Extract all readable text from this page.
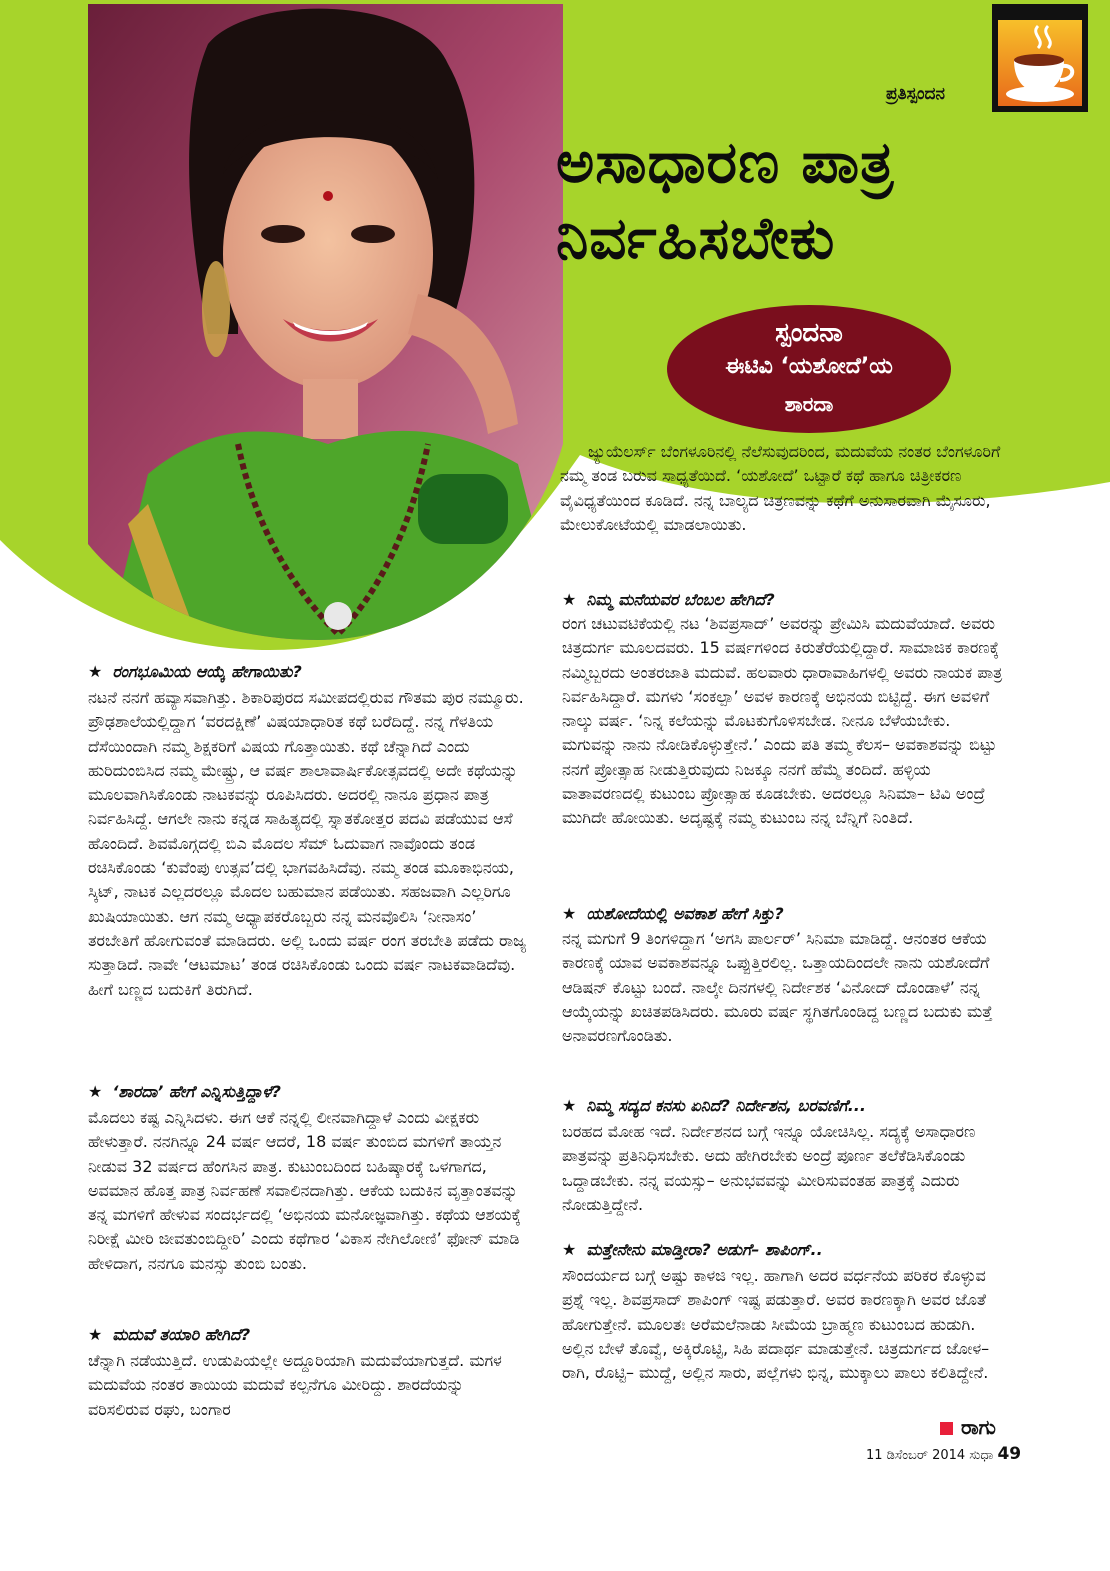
ಪ್ರತಿಸ್ಪಂದನ
ಅಸಾಧಾರಣ ಪಾತ್ರ
ನಿರ್ವಹಿಸಬೇಕು
ಸ್ಪಂದನಾ
ಈಟಿವಿ ‘ಯಶೋದೆ’ಯ
ಶಾರದಾ
ಜ್ಯುಯೆಲರ್ಸ್ ಬೆಂಗಳೂರಿನಲ್ಲಿ ನೆಲೆಸುವುದರಿಂದ, ಮದುವೆಯ ನಂತರ ಬೆಂಗಳೂರಿಗೆ ನಮ್ಮ ತಂಡ ಬರುವ ಸಾಧ್ಯತೆಯಿದೆ. ‘ಯಶೋದೆ’ ಒಟ್ಟಾರೆ ಕಥೆ ಹಾಗೂ ಚಿತ್ರೀಕರಣ ವೈವಿಧ್ಯತೆಯಿಂದ ಕೂಡಿದೆ. ನನ್ನ ಬಾಲ್ಯದ ಚಿತ್ರಣವನ್ನು ಕಥೆಗೆ ಅನುಸಾರವಾಗಿ ಮೈಸೂರು, ಮೇಲುಕೋಟೆಯಲ್ಲಿ ಮಾಡಲಾಯಿತು.
★ ರಂಗಭೂಮಿಯ ಆಯ್ಕೆ ಹೇಗಾಯಿತು?
ನಟನೆ ನನಗೆ ಹವ್ಯಾಸವಾಗಿತ್ತು. ಶಿಕಾರಿಪುರದ ಸಮೀಪದಲ್ಲಿರುವ ಗೌತಮ ಪುರ ನಮ್ಮೂರು. ಪ್ರೌಢಶಾಲೆಯಲ್ಲಿದ್ದಾಗ ‘ವರದಕ್ಷಿಣೆ’ ವಿಷಯಾಧಾರಿತ ಕಥೆ ಬರೆದಿದ್ದೆ. ನನ್ನ ಗೆಳತಿಯ ದೆಸೆಯಿಂದಾಗಿ ನಮ್ಮ ಶಿಕ್ಷಕರಿಗೆ ವಿಷಯ ಗೊತ್ತಾಯಿತು. ಕಥೆ ಚೆನ್ನಾಗಿದೆ ಎಂದು ಹುರಿದುಂಬಿಸಿದ ನಮ್ಮ ಮೇಷ್ಟ್ರು, ಆ ವರ್ಷ ಶಾಲಾವಾರ್ಷಿಕೋತ್ಸವದಲ್ಲಿ ಅದೇ ಕಥೆಯನ್ನು ಮೂಲವಾಗಿಸಿಕೊಂಡು ನಾಟಕವನ್ನು ರೂಪಿಸಿದರು. ಅದರಲ್ಲಿ ನಾನೂ ಪ್ರಧಾನ ಪಾತ್ರ ನಿರ್ವಹಿಸಿದ್ದೆ. ಆಗಲೇ ನಾನು ಕನ್ನಡ ಸಾಹಿತ್ಯದಲ್ಲಿ ಸ್ನಾತಕೋತ್ತರ ಪದವಿ ಪಡೆಯುವ ಆಸೆ ಹೊಂದಿದೆ. ಶಿವಮೊಗ್ಗದಲ್ಲಿ ಬಿಎ ಮೊದಲ ಸೆಮ್ ಓದುವಾಗ ನಾವೊಂದು ತಂಡ ರಚಿಸಿಕೊಂಡು ‘ಕುವೆಂಪು ಉತ್ಸವ’ದಲ್ಲಿ ಭಾಗವಹಿಸಿದೆವು. ನಮ್ಮ ತಂಡ ಮೂಕಾಭಿನಯ, ಸ್ಕಿಟ್, ನಾಟಕ ಎಲ್ಲದರಲ್ಲೂ ಮೊದಲ ಬಹುಮಾನ ಪಡೆಯಿತು. ಸಹಜವಾಗಿ ಎಲ್ಲರಿಗೂ ಖುಷಿಯಾಯಿತು. ಆಗ ನಮ್ಮ ಅಧ್ಯಾಪಕರೊಬ್ಬರು ನನ್ನ ಮನವೊಲಿಸಿ ‘ನೀನಾಸಂ’ ತರಬೇತಿಗೆ ಹೋಗುವಂತೆ ಮಾಡಿದರು. ಅಲ್ಲಿ ಒಂದು ವರ್ಷ ರಂಗ ತರಬೇತಿ ಪಡೆದು ರಾಜ್ಯ ಸುತ್ತಾಡಿದೆ. ನಾವೇ ‘ಆಟಮಾಟ’ ತಂಡ ರಚಿಸಿಕೊಂಡು ಒಂದು ವರ್ಷ ನಾಟಕವಾಡಿದೆವು. ಹೀಗೆ ಬಣ್ಣದ ಬದುಕಿಗೆ ತಿರುಗಿದೆ.
★ ‘ಶಾರದಾ’ ಹೇಗೆ ಎನ್ನಿಸುತ್ತಿದ್ದಾಳೆ?
ಮೊದಲು ಕಷ್ಟ ಎನ್ನಿಸಿದಳು. ಈಗ ಆಕೆ ನನ್ನಲ್ಲಿ ಲೀನವಾಗಿದ್ದಾಳೆ ಎಂದು ವೀಕ್ಷಕರು ಹೇಳುತ್ತಾರೆ. ನನಗಿನ್ನೂ 24 ವರ್ಷ ಆದರೆ, 18 ವರ್ಷ ತುಂಬಿದ ಮಗಳಿಗೆ ತಾಯ್ತನ ನೀಡುವ 32 ವರ್ಷದ ಹೆಂಗಸಿನ ಪಾತ್ರ. ಕುಟುಂಬದಿಂದ ಬಹಿಷ್ಕಾರಕ್ಕೆ ಒಳಗಾಗದ, ಅವಮಾನ ಹೊತ್ತ ಪಾತ್ರ ನಿರ್ವಹಣೆ ಸವಾಲಿನದಾಗಿತ್ತು. ಆಕೆಯ ಬದುಕಿನ ವೃತ್ತಾಂತವನ್ನು ತನ್ನ ಮಗಳಿಗೆ ಹೇಳುವ ಸಂದರ್ಭದಲ್ಲಿ ‘ಅಭಿನಯ ಮನೋಜ್ಞವಾಗಿತ್ತು. ಕಥೆಯ ಆಶಯಕ್ಕೆ ನಿರೀಕ್ಷೆ ಮೀರಿ ಜೀವತುಂಬಿದ್ದೀರಿ’ ಎಂದು ಕಥೆಗಾರ ‘ವಿಕಾಸ ನೇಗಿಲೋಣಿ’ ಫೋನ್ ಮಾಡಿ ಹೇಳಿದಾಗ, ನನಗೂ ಮನಸ್ಸು ತುಂಬಿ ಬಂತು.
★ ಮದುವೆ ತಯಾರಿ ಹೇಗಿದೆ?
ಚೆನ್ನಾಗಿ ನಡೆಯುತ್ತಿದೆ. ಉಡುಪಿಯಲ್ಲೇ ಅದ್ದೂರಿಯಾಗಿ ಮದುವೆಯಾಗುತ್ತದೆ. ಮಗಳ ಮದುವೆಯ ನಂತರ ತಾಯಿಯ ಮದುವೆ ಕಲ್ಪನೆಗೂ ಮೀರಿದ್ದು. ಶಾರದೆಯನ್ನು ವರಿಸಲಿರುವ ರಘು, ಬಂಗಾರ
★ ನಿಮ್ಮ ಮನೆಯವರ ಬೆಂಬಲ ಹೇಗಿದೆ?
ರಂಗ ಚಟುವಟಿಕೆಯಲ್ಲಿ ನಟ ‘ಶಿವಪ್ರಸಾದ್’ ಅವರನ್ನು ಪ್ರೇಮಿಸಿ ಮದುವೆಯಾದೆ. ಅವರು ಚಿತ್ರದುರ್ಗ ಮೂಲದವರು. 15 ವರ್ಷಗಳಿಂದ ಕಿರುತೆರೆಯಲ್ಲಿದ್ದಾರೆ. ಸಾಮಾಜಿಕ ಕಾರಣಕ್ಕೆ ನಮ್ಮಿಬ್ಬರದು ಅಂತರಜಾತಿ ಮದುವೆ. ಹಲವಾರು ಧಾರಾವಾಹಿಗಳಲ್ಲಿ ಅವರು ನಾಯಕ ಪಾತ್ರ ನಿರ್ವಹಿಸಿದ್ದಾರೆ. ಮಗಳು ‘ಸಂಕಲ್ಪಾ’ ಅವಳ ಕಾರಣಕ್ಕೆ ಅಭಿನಯ ಬಿಟ್ಟಿದ್ದೆ. ಈಗ ಅವಳಿಗೆ ನಾಲ್ಕು ವರ್ಷ. ‘ನಿನ್ನ ಕಲೆಯನ್ನು ಮೊಟಕುಗೊಳಿಸಬೇಡ. ನೀನೂ ಬೆಳೆಯಬೇಕು. ಮಗುವನ್ನು ನಾನು ನೋಡಿಕೊಳ್ಳುತ್ತೇನೆ.’ ಎಂದು ಪತಿ ತಮ್ಮ ಕೆಲಸ– ಅವಕಾಶವನ್ನು ಬಿಟ್ಟು ನನಗೆ ಪ್ರೋತ್ಸಾಹ ನೀಡುತ್ತಿರುವುದು ನಿಜಕ್ಕೂ ನನಗೆ ಹೆಮ್ಮೆ ತಂದಿದೆ. ಹಳ್ಳಿಯ ವಾತಾವರಣದಲ್ಲಿ ಕುಟುಂಬ ಪ್ರೋತ್ಸಾಹ ಕೂಡಬೇಕು. ಅದರಲ್ಲೂ ಸಿನಿಮಾ– ಟಿವಿ ಅಂದ್ರೆ ಮುಗಿದೇ ಹೋಯಿತು. ಅದೃಷ್ಟಕ್ಕೆ ನಮ್ಮ ಕುಟುಂಬ ನನ್ನ ಬೆನ್ನಿಗೆ ನಿಂತಿದೆ.
★ ಯಶೋದೆಯಲ್ಲಿ ಅವಕಾಶ ಹೇಗೆ ಸಿಕ್ತು?
ನನ್ನ ಮಗುಗೆ 9 ತಿಂಗಳಿದ್ದಾಗ ‘ಅಗಸಿ ಪಾರ್ಲರ್’ ಸಿನಿಮಾ ಮಾಡಿದ್ದೆ. ಆನಂತರ ಆಕೆಯ ಕಾರಣಕ್ಕೆ ಯಾವ ಅವಕಾಶವನ್ನೂ ಒಪ್ಪುತ್ತಿರಲಿಲ್ಲ. ಒತ್ತಾಯದಿಂದಲೇ ನಾನು ಯಶೋದೆಗೆ ಆಡಿಷನ್ ಕೊಟ್ಟು ಬಂದೆ. ನಾಲ್ಕೇ ದಿನಗಳಲ್ಲಿ ನಿರ್ದೇಶಕ ‘ವಿನೋದ್ ದೊಂಡಾಳೆ’ ನನ್ನ ಆಯ್ಕೆಯನ್ನು ಖಚಿತಪಡಿಸಿದರು. ಮೂರು ವರ್ಷ ಸ್ಥಗಿತಗೊಂಡಿದ್ದ ಬಣ್ಣದ ಬದುಕು ಮತ್ತೆ ಅನಾವರಣಗೊಂಡಿತು.
★ ನಿಮ್ಮ ಸದ್ಯದ ಕನಸು ಏನಿದೆ? ನಿರ್ದೇಶನ, ಬರವಣಿಗೆ...
ಬರಹದ ಮೋಹ ಇದೆ. ನಿರ್ದೇಶನದ ಬಗ್ಗೆ ಇನ್ನೂ ಯೋಚಿಸಿಲ್ಲ. ಸದ್ಯಕ್ಕೆ ಅಸಾಧಾರಣ ಪಾತ್ರವನ್ನು ಪ್ರತಿನಿಧಿಸಬೇಕು. ಅದು ಹೇಗಿರಬೇಕು ಅಂದ್ರೆ ಪೂರ್ಣ ತಲೆಕೆಡಿಸಿಕೊಂಡು ಒದ್ದಾಡಬೇಕು. ನನ್ನ ವಯಸ್ಸು– ಅನುಭವವನ್ನು ಮೀರಿಸುವಂತಹ ಪಾತ್ರಕ್ಕೆ ಎದುರು ನೋಡುತ್ತಿದ್ದೇನೆ.
★ ಮತ್ತೇನೇನು ಮಾಡ್ತೀರಾ? ಅಡುಗೆ– ಶಾಪಿಂಗ್..
ಸೌಂದರ್ಯದ ಬಗ್ಗೆ ಅಷ್ಟು ಕಾಳಜಿ ಇಲ್ಲ. ಹಾಗಾಗಿ ಅದರ ವರ್ಧನೆಯ ಪರಿಕರ ಕೊಳ್ಳುವ ಪ್ರಶ್ನೆ ಇಲ್ಲ. ಶಿವಪ್ರಸಾದ್ ಶಾಪಿಂಗ್ ಇಷ್ಟ ಪಡುತ್ತಾರೆ. ಅವರ ಕಾರಣಕ್ಕಾಗಿ ಅವರ ಜೊತೆ ಹೋಗುತ್ತೇನೆ. ಮೂಲತಃ ಅರೆಮಲೆನಾಡು ಸೀಮೆಯ ಬ್ರಾಹ್ಮಣ ಕುಟುಂಬದ ಹುಡುಗಿ. ಅಲ್ಲಿನ ಬೇಳೆ ತೊವ್ವೆ, ಅಕ್ಕಿರೊಟ್ಟಿ, ಸಿಹಿ ಪದಾರ್ಥ ಮಾಡುತ್ತೇನೆ. ಚಿತ್ರದುರ್ಗದ ಜೋಳ– ರಾಗಿ, ರೊಟ್ಟಿ– ಮುದ್ದೆ, ಅಲ್ಲಿನ ಸಾರು, ಪಲ್ಲೆಗಳು ಭಿನ್ನ, ಮುಕ್ಕಾಲು ಪಾಲು ಕಲಿತಿದ್ದೇನೆ.
ರಾಗು
11 ಡಿಸೆಂಬರ್ 2014 ಸುಧಾ 49
